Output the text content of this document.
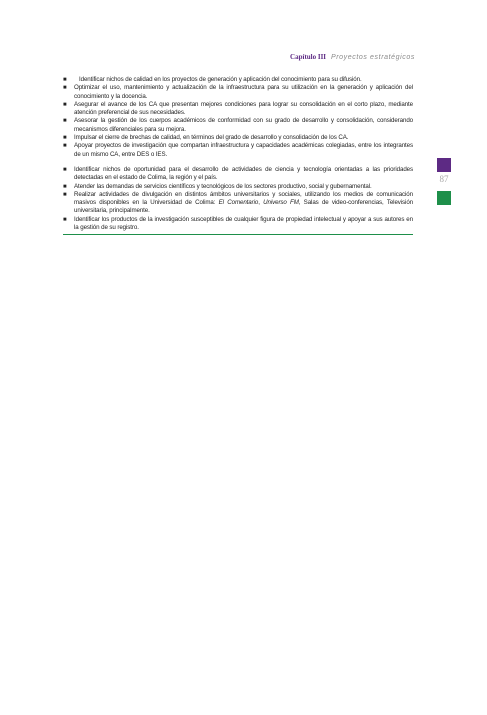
Capítulo III Proyectos estratégicos
■ Identificar nichos de calidad en los proyectos de generación y aplicación del conocimiento para su difusión.
■ Optimizar el uso, mantenimiento y actualización de la infraestructura para su utilización en la generación y aplicación del conocimiento y la docencia.
■ Asegurar el avance de los CA que presentan mejores condiciones para lograr su consolidación en el corto plazo, mediante atención preferencial de sus necesidades.
■ Asesorar la gestión de los cuerpos académicos de conformidad con su grado de desarrollo y consolidación, considerando mecanismos diferenciales para su mejora.
■ Impulsar el cierre de brechas de calidad, en términos del grado de desarrollo y consolidación de los CA.
■ Apoyar proyectos de investigación que compartan infraestructura y capacidades académicas colegiadas, entre los integrantes de un mismo CA, entre DES o IES.
■ Identificar nichos de oportunidad para el desarrollo de actividades de ciencia y tecnología orientadas a las prioridades detectadas en el estado de Colima, la región y el país.
■ Atender las demandas de servicios científicos y tecnológicos de los sectores productivo, social y gubernamental.
■ Realizar actividades de divulgación en distintos ámbitos universitarios y sociales, utilizando los medios de comunicación masivos disponibles en la Universidad de Colima: El Comentario, Universo FM, Salas de video-conferencias, Televisión universitaria, principalmente.
■ Identificar los productos de la investigación susceptibles de cualquier figura de propiedad intelectual y apoyar a sus autores en la gestión de su registro.
87
